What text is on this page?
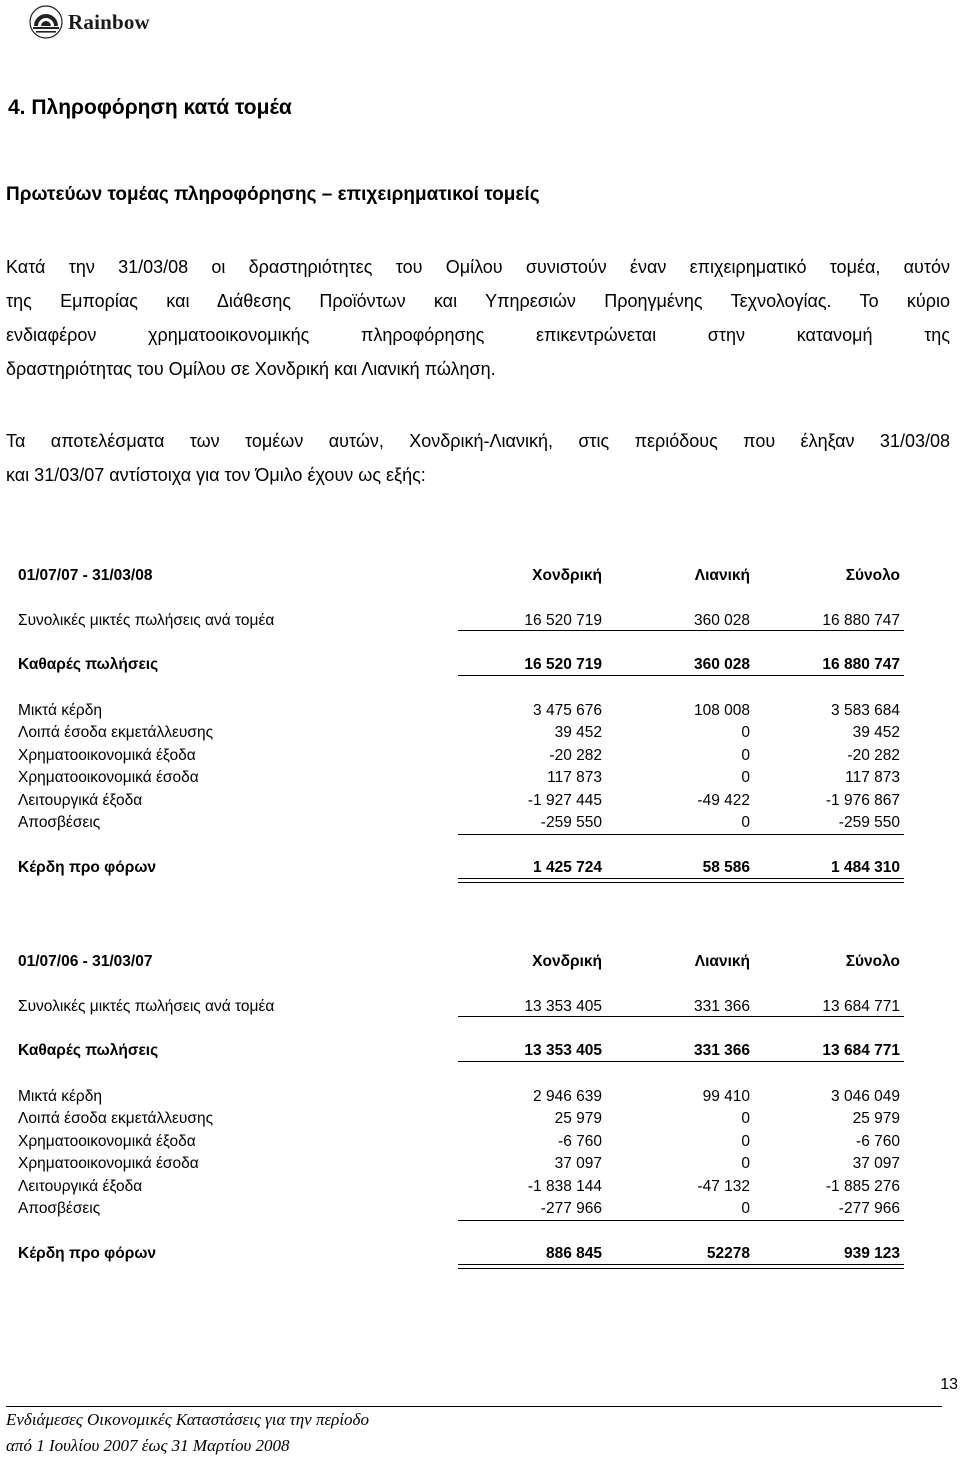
Rainbow
4. Πληροφόρηση κατά τομέα
Πρωτεύων τομέας πληροφόρησης – επιχειρηματικοί τομείς
Κατά την 31/03/08 οι δραστηριότητες του Ομίλου συνιστούν έναν επιχειρηματικό τομέα, αυτόν
της Εμπορίας και Διάθεσης Προϊόντων και Υπηρεσιών Προηγμένης Τεχνολογίας. Το κύριο
ενδιαφέρον χρηματοοικονομικής πληροφόρησης επικεντρώνεται στην κατανομή της
δραστηριότητας του Ομίλου σε Χονδρική και Λιανική πώληση.
Τα αποτελέσματα των τομέων αυτών, Χονδρική-Λιανική, στις περιόδους που έληξαν 31/03/08
και 31/03/07 αντίστοιχα για τον Όμιλο έχουν ως εξής:
01/07/07 - 31/03/08	Χονδρική	Λιανική	Σύνολο
Συνολικές μικτές πωλήσεις ανά τομέα	16 520 719	360 028	16 880 747
Καθαρές πωλήσεις	16 520 719	360 028	16 880 747
Μικτά κέρδη	3 475 676	108 008	3 583 684
Λοιπά έσοδα εκμετάλλευσης	39 452	0	39 452
Χρηματοοικονομικά έξοδα	-20 282	0	-20 282
Χρηματοοικονομικά έσοδα	117 873	0	117 873
Λειτουργικά έξοδα	-1 927 445	-49 422	-1 976 867
Αποσβέσεις	-259 550	0	-259 550
Κέρδη προ φόρων	1 425 724	58 586	1 484 310
01/07/06 - 31/03/07	Χονδρική	Λιανική	Σύνολο
Συνολικές μικτές πωλήσεις ανά τομέα	13 353 405	331 366	13 684 771
Καθαρές πωλήσεις	13 353 405	331 366	13 684 771
Μικτά κέρδη	2 946 639	99 410	3 046 049
Λοιπά έσοδα εκμετάλλευσης	25 979	0	25 979
Χρηματοοικονομικά έξοδα	-6 760	0	-6 760
Χρηματοοικονομικά έσοδα	37 097	0	37 097
Λειτουργικά έξοδα	-1 838 144	-47 132	-1 885 276
Αποσβέσεις	-277 966	0	-277 966
Κέρδη προ φόρων	886 845	52278	939 123
13
Ενδιάμεσες Οικονομικές Καταστάσεις για την περίοδο
από 1 Ιουλίου 2007 έως 31 Μαρτίου 2008
